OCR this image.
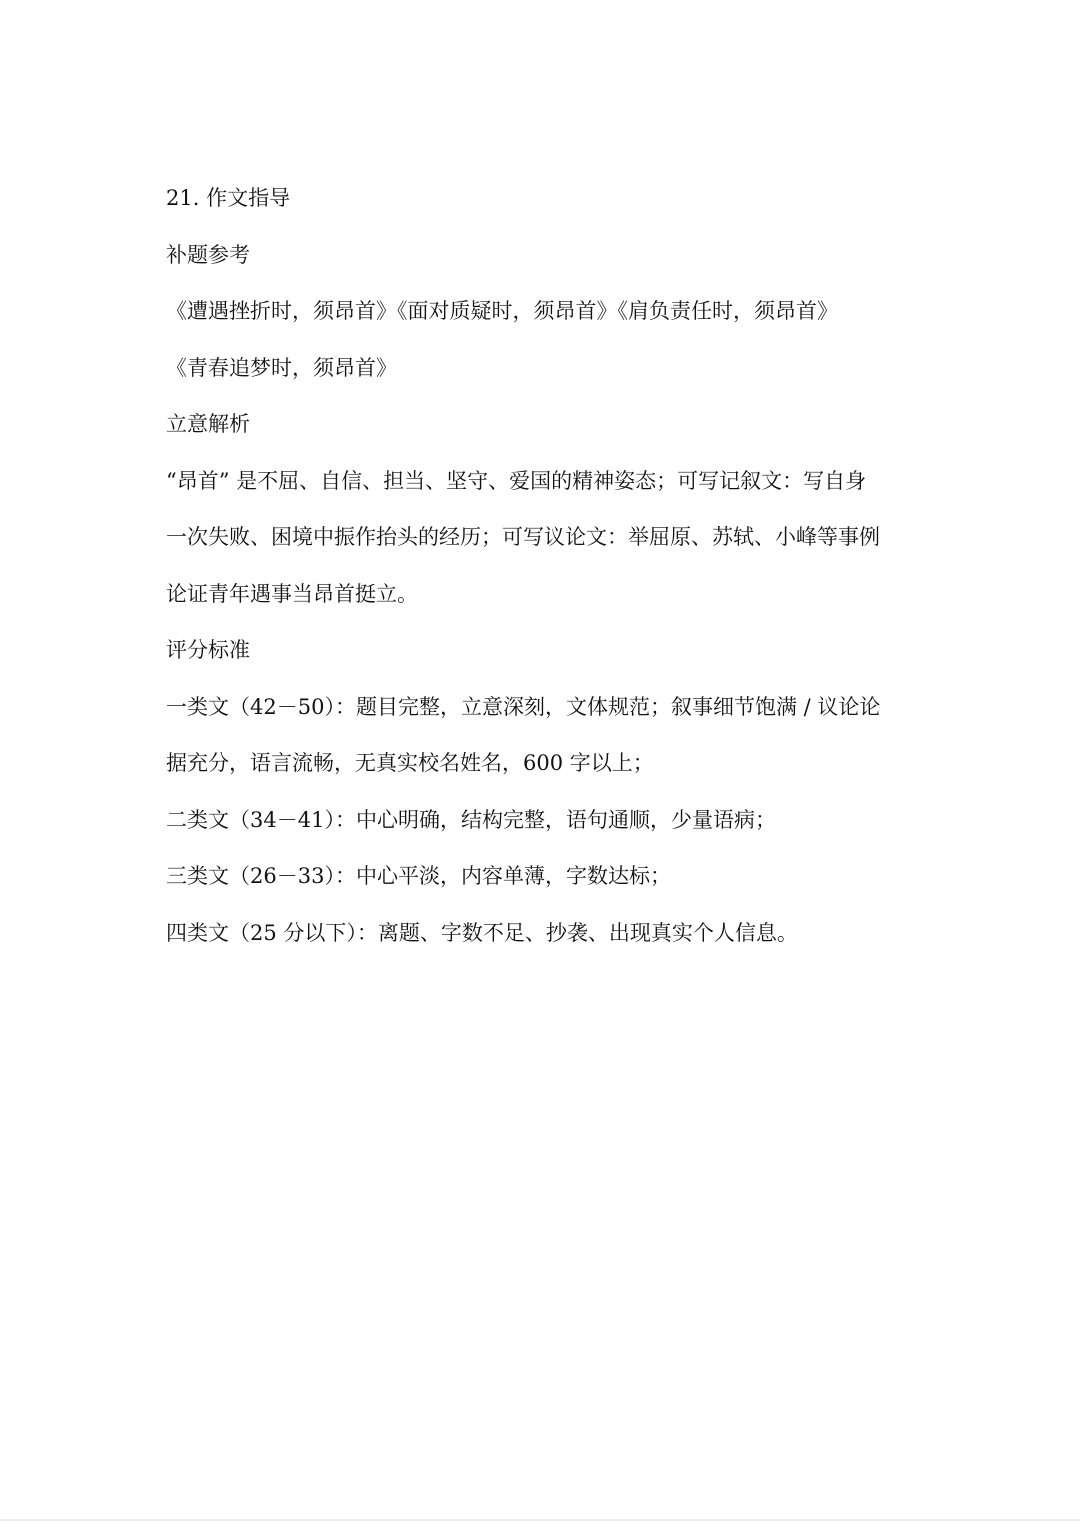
21. 作文指导
补题参考
《遭遇挫折时，须昂首》《面对质疑时，须昂首》《肩负责任时，须昂首》
《青春追梦时，须昂首》
立意解析
“昂首” 是不屈、自信、担当、坚守、爱国的精神姿态；可写记叙文：写自身
一次失败、困境中振作抬头的经历；可写议论文：举屈原、苏轼、小峰等事例
论证青年遇事当昂首挺立。
评分标准
一类文（42－50）：题目完整，立意深刻，文体规范；叙事细节饱满 / 议论论
据充分，语言流畅，无真实校名姓名，600 字以上；
二类文（34－41）：中心明确，结构完整，语句通顺，少量语病；
三类文（26－33）：中心平淡，内容单薄，字数达标；
四类文（25 分以下）：离题、字数不足、抄袭、出现真实个人信息。
